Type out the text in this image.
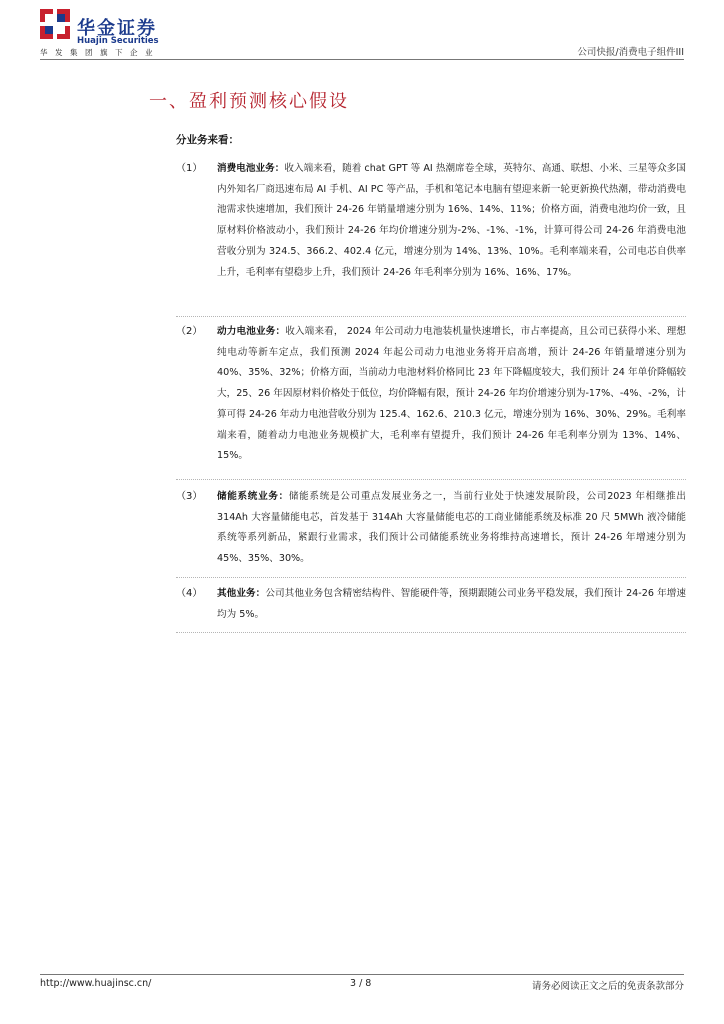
华金证券
Huajin Securities
华发集团旗下企业	公司快报/消费电子组件III
一、盈利预测核心假设
分业务来看：
（1） 消费电池业务：收入端来看，随着 chat GPT 等 AI 热潮席卷全球，英特尔、高通、联想、小米、三星等众多国内外知名厂商迅速布局 AI 手机、AI PC 等产品，手机和笔记本电脑有望迎来新一轮更新换代热潮，带动消费电池需求快速增加，我们预计 24-26 年销量增速分别为 16%、14%、11%；价格方面，消费电池均价一致，且原材料价格波动小，我们预计 24-26 年均价增速分别为-2%、-1%、-1%，计算可得公司 24-26 年消费电池营收分别为 324.5、366.2、402.4 亿元，增速分别为 14%、13%、10%。毛利率端来看，公司电芯自供率上升，毛利率有望稳步上升，我们预计 24-26 年毛利率分别为 16%、16%、17%。
（2） 动力电池业务：收入端来看， 2024 年公司动力电池装机量快速增长，市占率提高，且公司已获得小米、理想纯电动等新车定点，我们预测 2024 年起公司动力电池业务将开启高增，预计 24-26 年销量增速分别为 40%、35%、32%；价格方面，当前动力电池材料价格同比 23 年下降幅度较大，我们预计 24 年单价降幅较大，25、26 年因原材料价格处于低位，均价降幅有限，预计 24-26 年均价增速分别为-17%、-4%、-2%，计算可得 24-26 年动力电池营收分别为 125.4、162.6、210.3 亿元，增速分别为 16%、30%、29%。毛利率端来看，随着动力电池业务规模扩大，毛利率有望提升，我们预计 24-26 年毛利率分别为 13%、14%、15%。
（3） 储能系统业务：储能系统是公司重点发展业务之一，当前行业处于快速发展阶段，公司2023 年相继推出 314Ah 大容量储能电芯，首发基于 314Ah 大容量储能电芯的工商业储能系统及标准 20 尺 5MWh 液冷储能系统等系列新品，紧跟行业需求，我们预计公司储能系统业务将维持高速增长，预计 24-26 年增速分别为 45%、35%、30%。
（4） 其他业务：公司其他业务包含精密结构件、智能硬件等，预期跟随公司业务平稳发展，我们预计 24-26 年增速均为 5%。
http://www.huajinsc.cn/	3 / 8	请务必阅读正文之后的免责条款部分
